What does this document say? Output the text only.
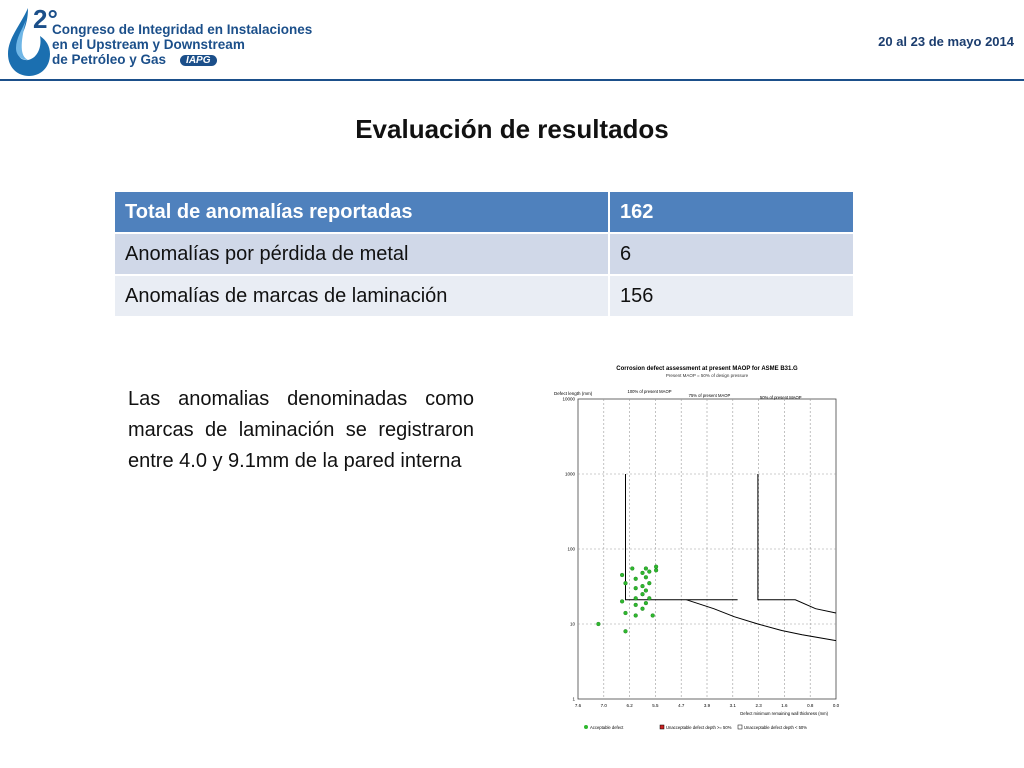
2°
Congreso de Integridad en Instalaciones
en el Upstream y Downstream
de Petróleo y Gas IAPG
20 al 23 de mayo 2014
Evaluación de resultados
Total de anomalías reportadas	162
Anomalías por pérdida de metal	6
Anomalías de marcas de laminación	156
Las anomalias denominadas como marcas de laminación se registraron entre 4.0 y 9.1mm de la pared interna
Corrosion defect assessment at present MAOP for ASME B31.G
Present MAOP = 50% of design pressure
Defect length (mm)
1
10
100
1000
10000
7.6	7.0	6.2	5.5	4.7	3.9	3.1	2.3	1.6	0.8	0.0
Defect minimum remaining wall thickness (mm)
100% of present MAOP
75% of present MAOP	50% of present MAOP
Acceptable defect	Unacceptable defect depth >= 50%	Unacceptable defect depth < 50%
